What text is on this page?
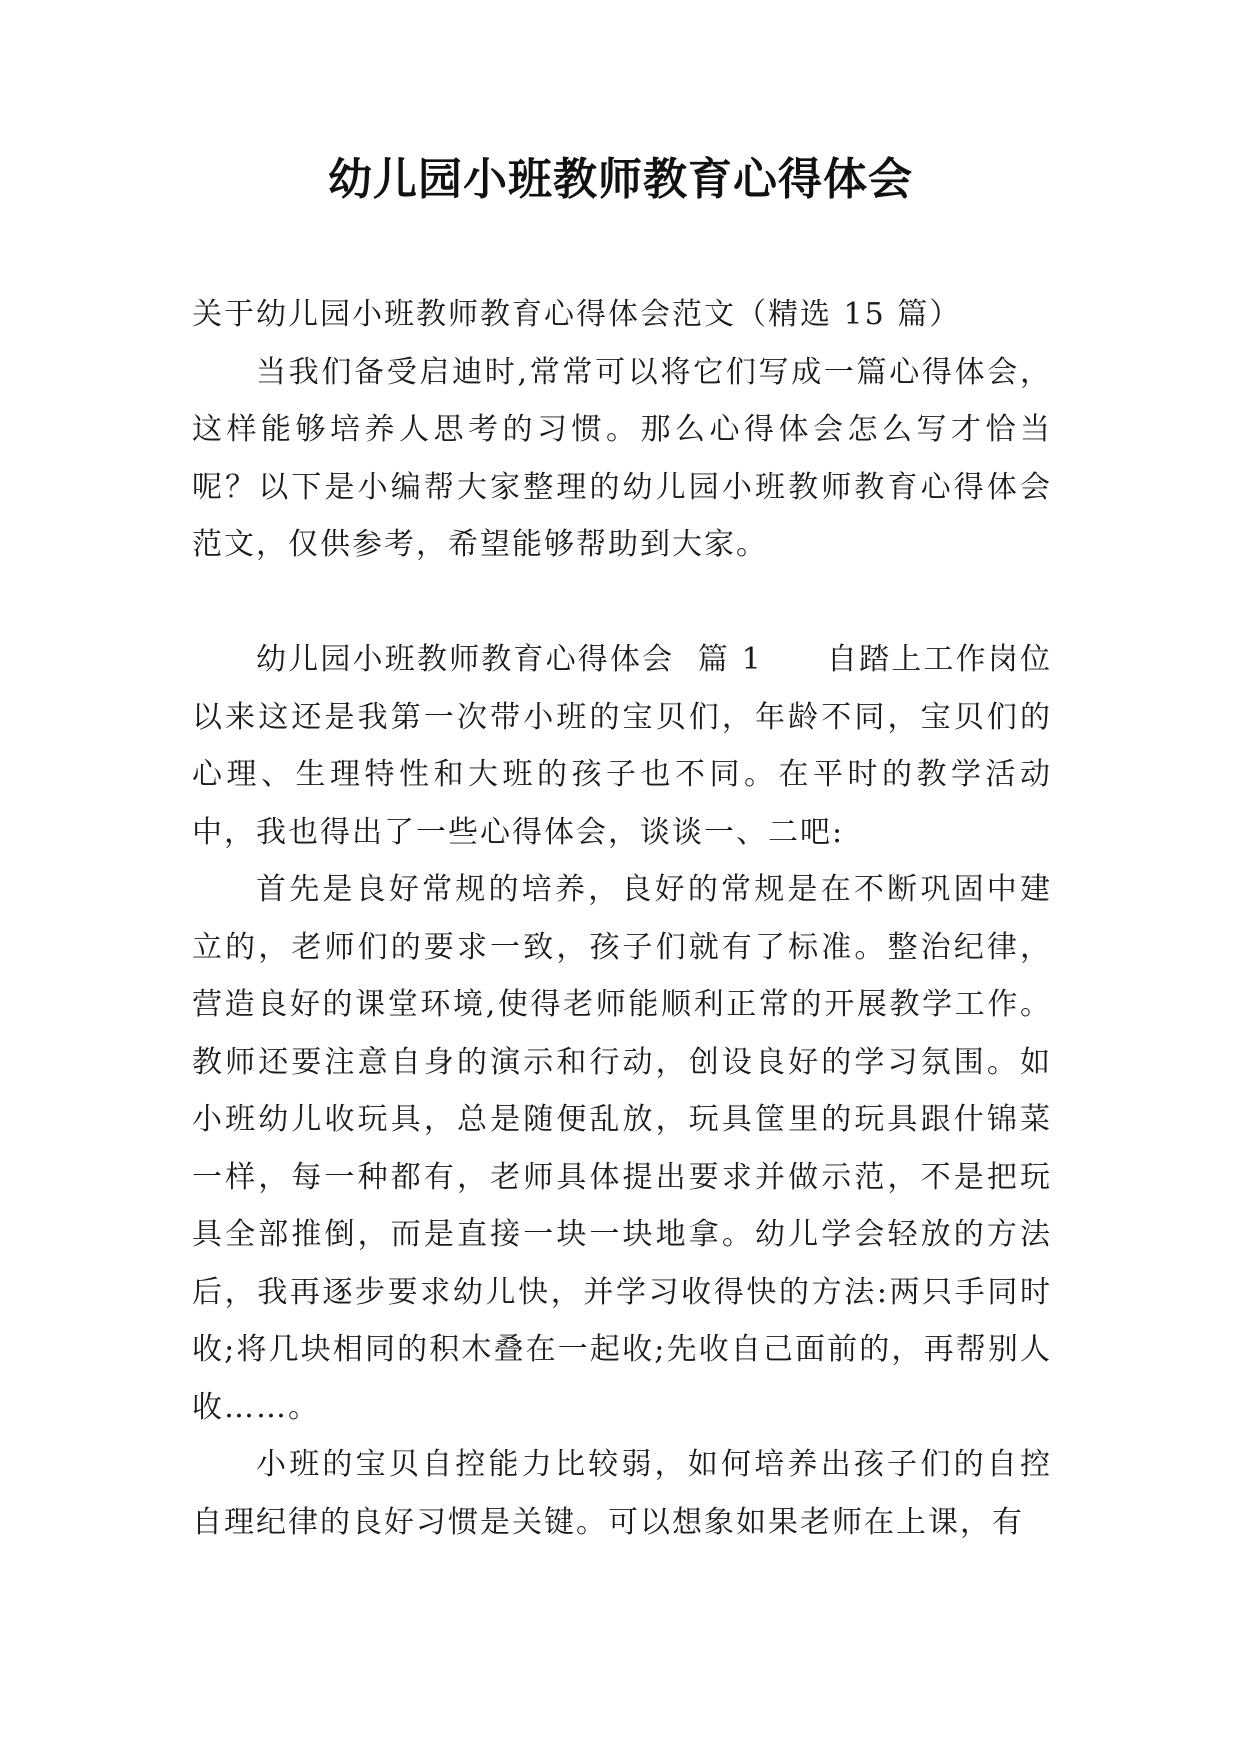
幼儿园小班教师教育心得体会

关于幼儿园小班教师教育心得体会范文（精选 15 篇）

当我们备受启迪时,常常可以将它们写成一篇心得体会，这样能够培养人思考的习惯。那么心得体会怎么写才恰当呢？以下是小编帮大家整理的幼儿园小班教师教育心得体会范文，仅供参考，希望能够帮助到大家。

幼儿园小班教师教育心得体会  篇 1   自踏上工作岗位以来这还是我第一次带小班的宝贝们，年龄不同，宝贝们的心理、生理特性和大班的孩子也不同。在平时的教学活动中，我也得出了一些心得体会，谈谈一、二吧:

首先是良好常规的培养，良好的常规是在不断巩固中建立的，老师们的要求一致，孩子们就有了标准。整治纪律，营造良好的课堂环境,使得老师能顺利正常的开展教学工作。教师还要注意自身的演示和行动，创设良好的学习氛围。如小班幼儿收玩具，总是随便乱放，玩具筐里的玩具跟什锦菜一样，每一种都有，老师具体提出要求并做示范，不是把玩具全部推倒，而是直接一块一块地拿。幼儿学会轻放的方法后，我再逐步要求幼儿快，并学习收得快的方法:两只手同时收;将几块相同的积木叠在一起收;先收自己面前的，再帮别人收……。

小班的宝贝自控能力比较弱，如何培养出孩子们的自控自理纪律的良好习惯是关键。可以想象如果老师在上课，有
